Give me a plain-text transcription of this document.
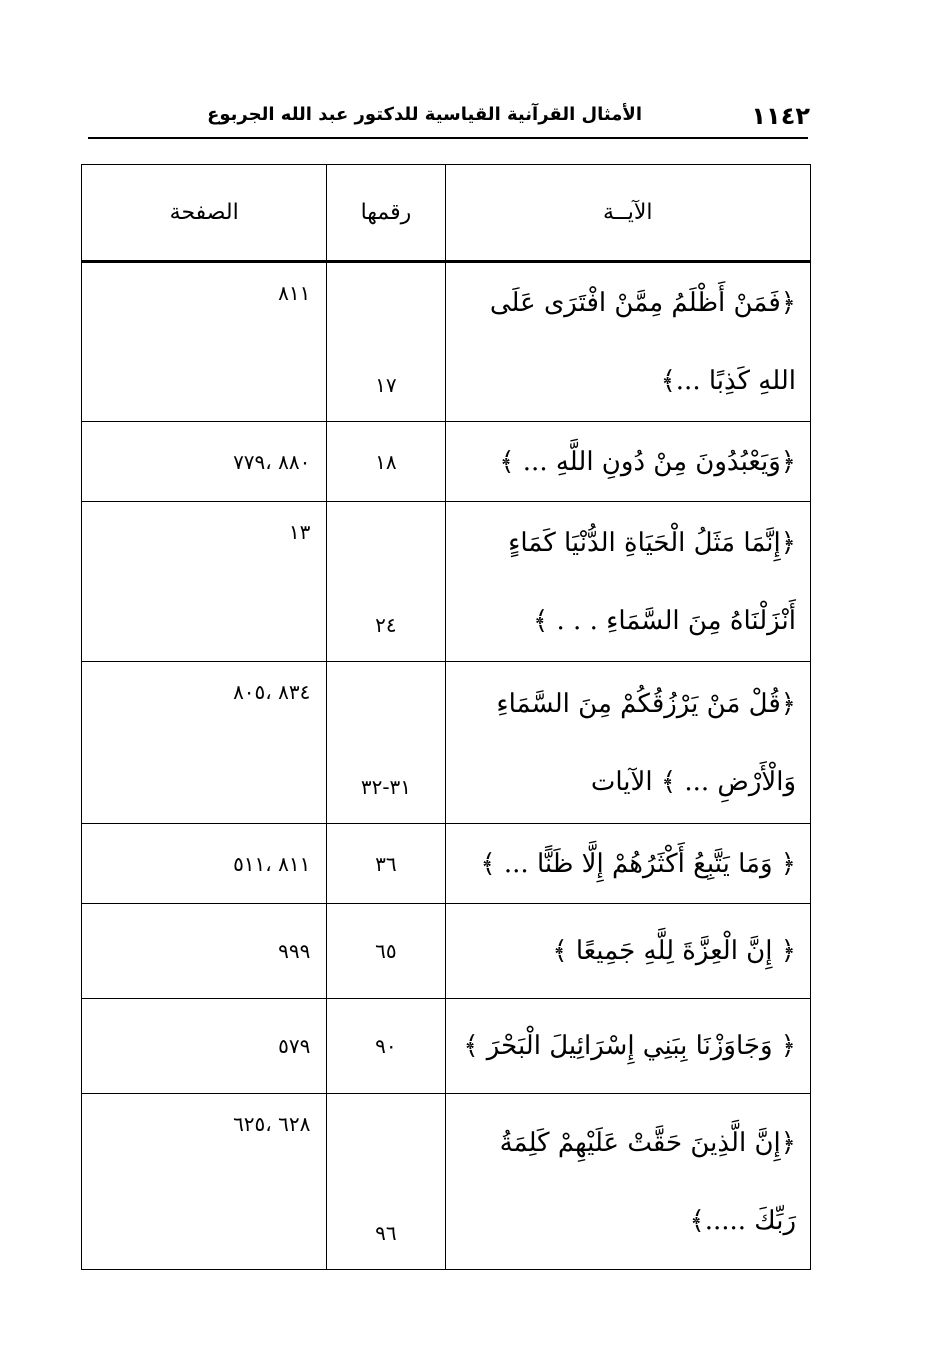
١١٤٢
الأمثال القرآنية القياسية للدكتور عبد الله الجربوع
الآيــة	رقمها	الصفحة
﴿فَمَنْ أَظْلَمُ مِمَّنْ افْتَرَى عَلَى اللهِ كَذِبًا ...﴾	١٧	٨١١
﴿وَيَعْبُدُونَ مِنْ دُونِ اللَّهِ ... ﴾	١٨	٨٨٠ ،٧٧٩
﴿إِنَّمَا مَثَلُ الْحَيَاةِ الدُّنْيَا كَمَاءٍ أَنْزَلْنَاهُ مِنَ السَّمَاءِ . . . ﴾	٢٤	١٣
﴿قُلْ مَنْ يَرْزُقُكُمْ مِنَ السَّمَاءِ وَالْأَرْضِ ... ﴾ الآيات	٣١-٣٢	٨٣٤ ،٨٠٥
﴿ وَمَا يَتَّبِعُ أَكْثَرُهُمْ إِلَّا ظَنًّا ... ﴾	٣٦	٨١١ ،٥١١
﴿ إِنَّ الْعِزَّةَ لِلَّهِ جَمِيعًا ﴾	٦٥	٩٩٩
﴿ وَجَاوَزْنَا بِبَنِي إِسْرَائِيلَ الْبَحْرَ ﴾	٩٠	٥٧٩
﴿إِنَّ الَّذِينَ حَقَّتْ عَلَيْهِمْ كَلِمَةُ رَبِّكَ .....﴾	٩٦	٦٢٨ ،٦٢٥
